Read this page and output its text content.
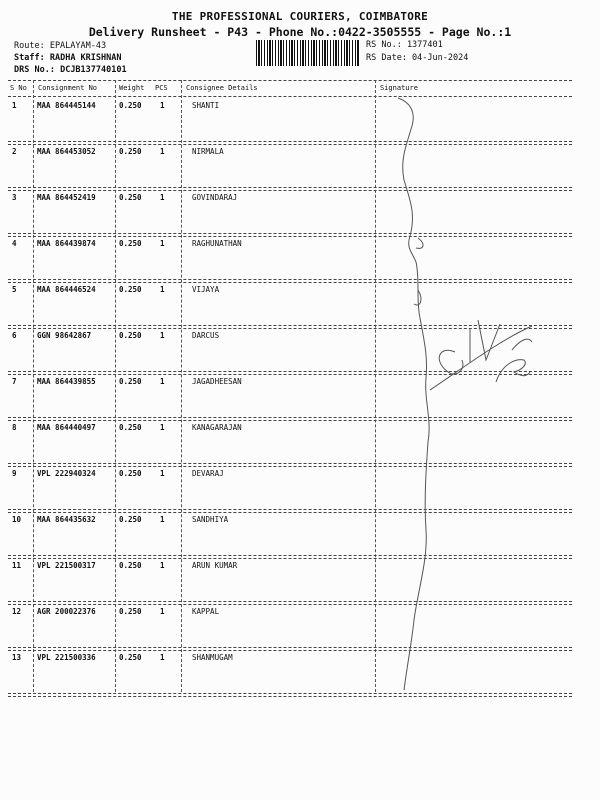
THE PROFESSIONAL COURIERS, COIMBATORE
Delivery Runsheet - P43 - Phone No.:0422-3505555 - Page No.:1
Route: EPALAYAM-43
Staff: RADHA KRISHNAN
DRS No.: DCJB137740101
RS No.: 1377401
RS Date: 04-Jun-2024
S No Consignment No	Weight PCS	Consignee Details	Signature
1	MAA 864445144	0.250 1	SHANTI
2	MAA 864453052	0.250 1	NIRMALA
3	MAA 864452419	0.250 1	GOVINDARAJ
4	MAA 864439874	0.250 1	RAGHUNATHAN
5	MAA 864446524	0.250 1	VIJAYA
6	GGN 98642867	0.250 1	DARCUS
7	MAA 864439855	0.250 1	JAGADHEESAN
8	MAA 864440497	0.250 1	KANAGARAJAN
9	VPL 222940324	0.250 1	DEVARAJ
10 MAA 864435632	0.250 1	SANDHIYA
11 VPL 221500317	0.250 1	ARUN KUMAR
12 AGR 200022376	0.250 1	KAPPAL
13 VPL 221500336	0.250 1	SHANMUGAM
